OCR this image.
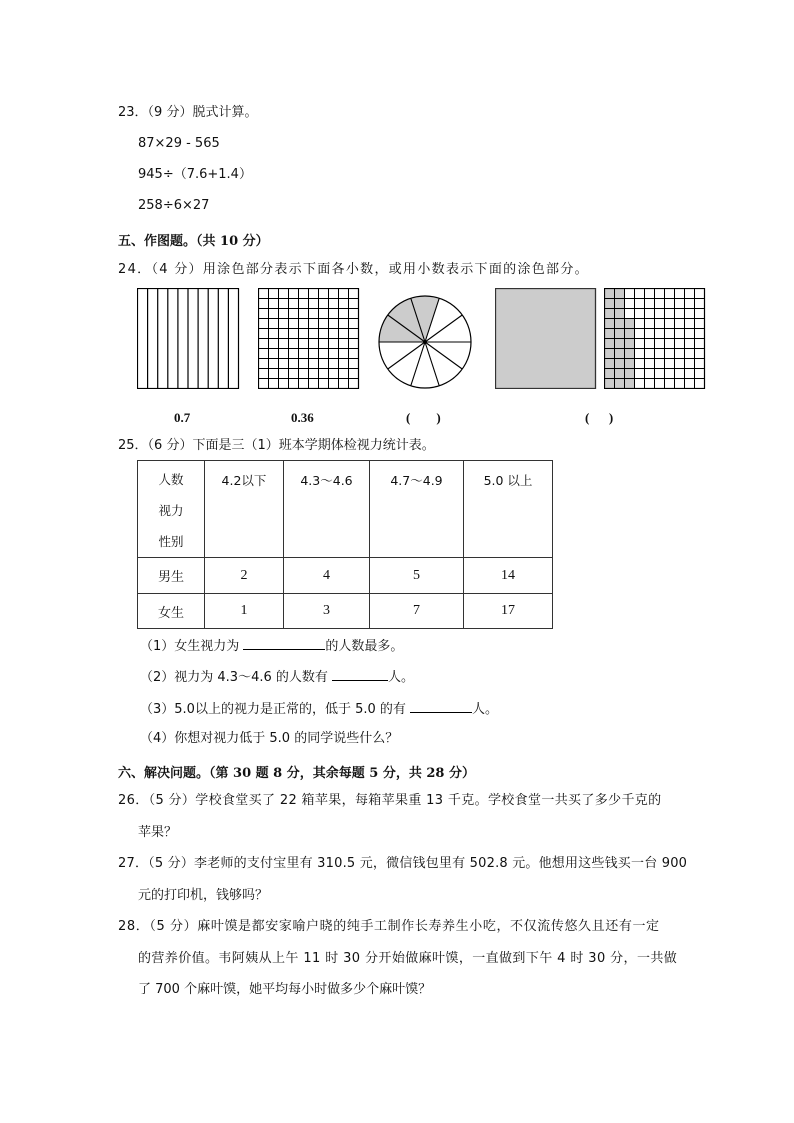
23．（9 分）脱式计算。
87×29 - 565
945÷（7.6+1.4）
258÷6×27
五、作图题。（共 10 分）
24．（4 分）用涂色部分表示下面各小数，或用小数表示下面的涂色部分。
0.7	0.36	(        )	(      )
25．（6 分）下面是三（1）班本学期体检视力统计表。
人数
视力
性别	4.2以下	4.3～4.6	4.7～4.9	5.0 以上
男生	2	4	5	14
女生	1	3	7	17
（1）女生视力为	的人数最多。
（2）视力为 4.3～4.6 的人数有	人。
（3）5.0以上的视力是正常的，低于 5.0 的有	人。
（4）你想对视力低于 5.0 的同学说些什么？
六、解决问题。（第 30 题 8 分，其余每题 5 分，共 28 分）
26．（5 分）学校食堂买了 22 箱苹果，每箱苹果重 13 千克。学校食堂一共买了多少千克的
苹果？
27．（5 分）李老师的支付宝里有 310.5 元，微信钱包里有 502.8 元。他想用这些钱买一台 900
元的打印机，钱够吗？
28．（5 分）麻叶馍是都安家喻户晓的纯手工制作长寿养生小吃，不仅流传悠久且还有一定
的营养价值。韦阿姨从上午 11 时 30 分开始做麻叶馍，一直做到下午 4 时 30 分，一共做
了 700 个麻叶馍，她平均每小时做多少个麻叶馍？
